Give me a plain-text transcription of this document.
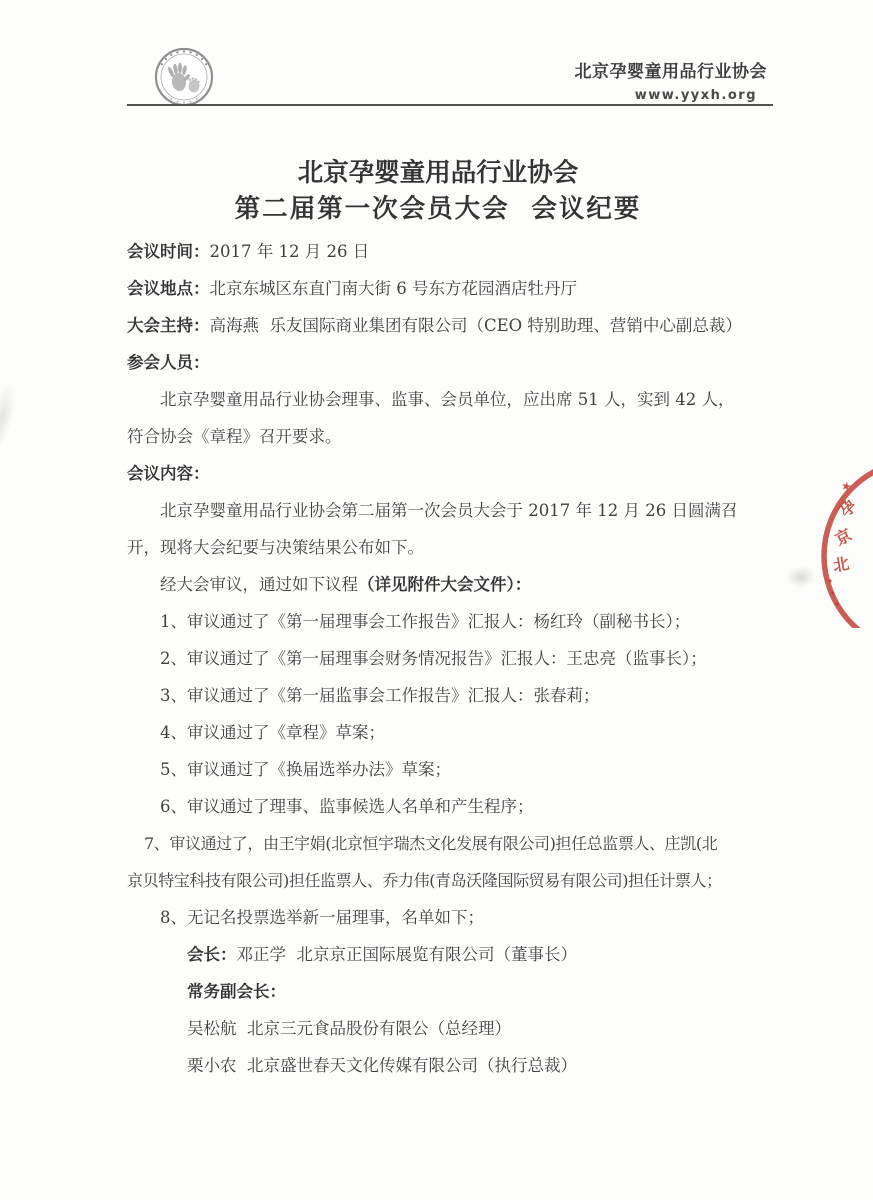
北京孕婴童用品行业协会
www.yyxh.org
北京孕婴童用品行业协会
第二届第一次会员大会  会议纪要
会议时间：2017 年 12 月 26 日
会议地点：北京东城区东直门南大街 6 号东方花园酒店牡丹厅
大会主持：高海燕  乐友国际商业集团有限公司（CEO 特别助理、营销中心副总裁）
参会人员：
北京孕婴童用品行业协会理事、监事、会员单位，应出席 51 人，实到 42 人，
符合协会《章程》召开要求。
会议内容：
北京孕婴童用品行业协会第二届第一次会员大会于 2017 年 12 月 26 日圆满召
开，现将大会纪要与决策结果公布如下。
经大会审议，通过如下议程（详见附件大会文件）：
1、审议通过了《第一届理事会工作报告》汇报人：杨红玲（副秘书长）；
2、审议通过了《第一届理事会财务情况报告》汇报人：王忠亮（监事长）；
3、审议通过了《第一届监事会工作报告》汇报人：张春莉；
4、审议通过了《章程》草案；
5、审议通过了《换届选举办法》草案；
6、审议通过了理事、监事候选人名单和产生程序；
7、审议通过了，由王宇娟(北京恒宇瑞杰文化发展有限公司)担任总监票人、庄凯(北
京贝特宝科技有限公司)担任监票人、乔力伟(青岛沃隆国际贸易有限公司)担任计票人；
8、无记名投票选举新一届理事，名单如下；
会长：邓正学  北京京正国际展览有限公司（董事长）
常务副会长：
吴松航  北京三元食品股份有限公（总经理）
栗小农  北京盛世春天文化传媒有限公司（执行总裁）
★
孕
京
北
